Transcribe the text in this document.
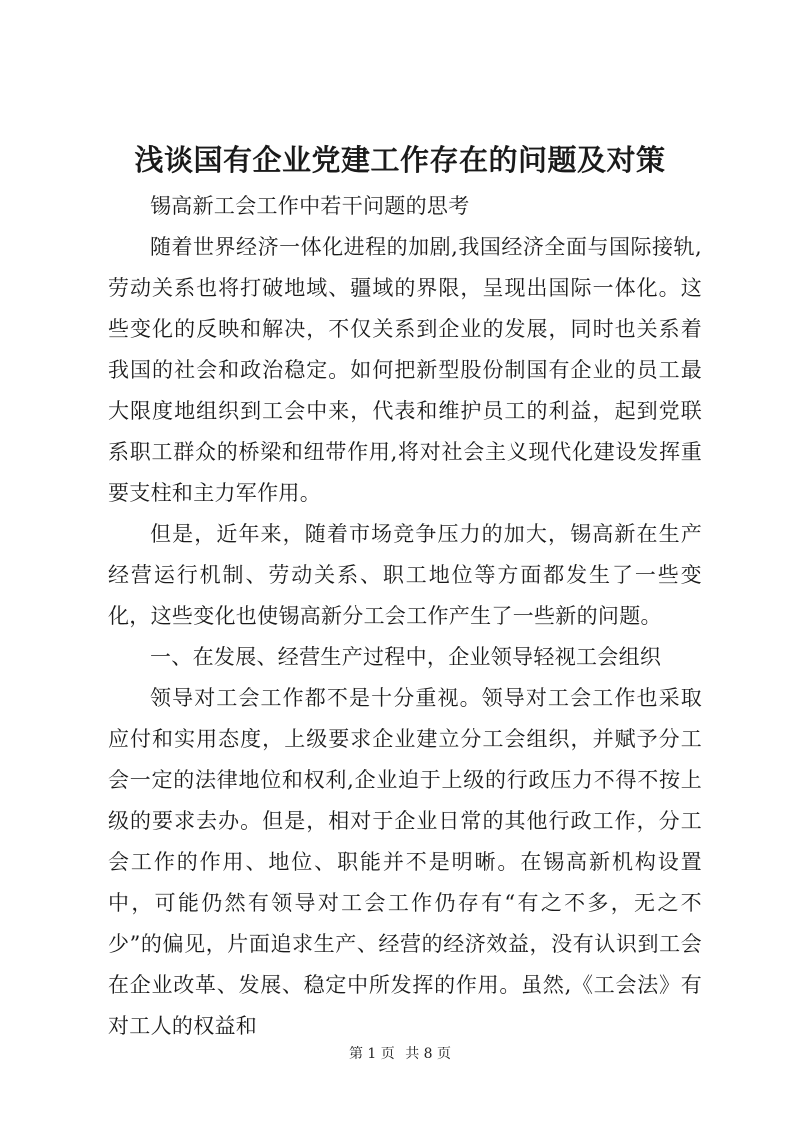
浅谈国有企业党建工作存在的问题及对策

锡高新工会工作中若干问题的思考

随着世界经济一体化进程的加剧,我国经济全面与国际接轨,劳动关系也将打破地域、疆域的界限，呈现出国际一体化。这些变化的反映和解决，不仅关系到企业的发展，同时也关系着我国的社会和政治稳定。如何把新型股份制国有企业的员工最大限度地组织到工会中来，代表和维护员工的利益，起到党联系职工群众的桥梁和纽带作用,将对社会主义现代化建设发挥重要支柱和主力军作用。

但是，近年来，随着市场竞争压力的加大，锡高新在生产经营运行机制、劳动关系、职工地位等方面都发生了一些变化，这些变化也使锡高新分工会工作产生了一些新的问题。

一、在发展、经营生产过程中，企业领导轻视工会组织

领导对工会工作都不是十分重视。领导对工会工作也采取应付和实用态度，上级要求企业建立分工会组织，并赋予分工会一定的法律地位和权利,企业迫于上级的行政压力不得不按上级的要求去办。但是，相对于企业日常的其他行政工作，分工会工作的作用、地位、职能并不是明晰。在锡高新机构设置中，可能仍然有领导对工会工作仍存有“有之不多，无之不少”的偏见，片面追求生产、经营的经济效益，没有认识到工会在企业改革、发展、稳定中所发挥的作用。虽然,《工会法》有对工人的权益和

第 1 页 共 8 页
